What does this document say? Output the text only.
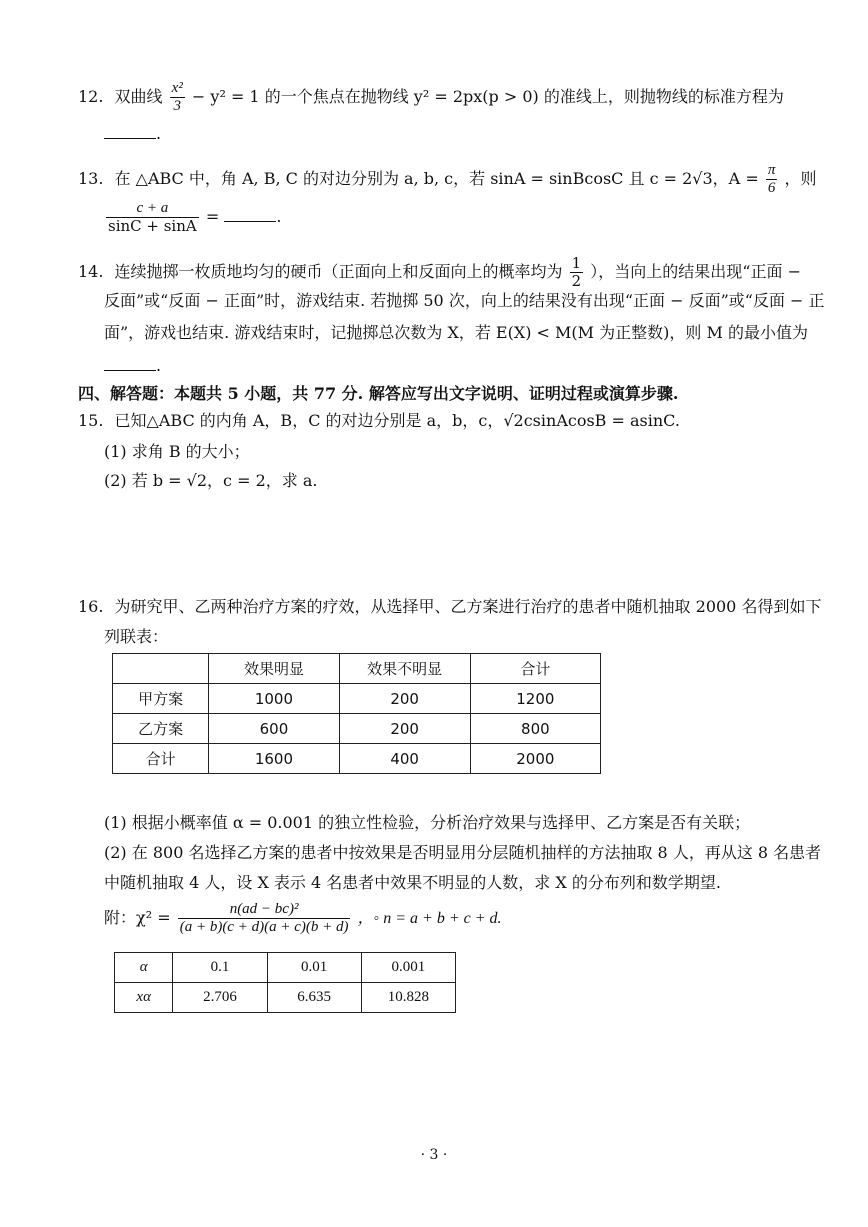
12. 双曲线 $\frac{\text{x²}}{3} - y^2 = 1$ 的一个焦点在抛物线 y² = 2px(p > 0) 的准线上，则抛物线的标准方程为
.
13. 在 △ABC 中，角 A, B, C 的对边分别为 a, b, c，若 sinA = sinBcosC 且 c = 2√3，$A = \frac{\pi}{6}$ ，则
$\frac{c + a}{\sin C + \sin A}$ =	.
14. 连续抛掷一枚质地均匀的硬币（正面向上和反面向上的概率均为 $\frac{1}{2}$ ），当向上的结果出现“正面 −
反面”或“反面 − 正面”时，游戏结束. 若抛掷 50 次，向上的结果没有出现“正面 − 反面”或“反面 − 正
面”，游戏也结束. 游戏结束时，记抛掷总次数为 X，若 E(X) < M(M 为正整数)，则 M 的最小值为
.
四、解答题：本题共 5 小题，共 77 分. 解答应写出文字说明、证明过程或演算步骤.
15. 已知△ABC 的内角 A，B，C 的对边分别是 a，b，c，√2csinAcosB = asinC.
(1) 求角 B 的大小；
(2) 若 b = √2，c = 2，求 a.
16. 为研究甲、乙两种治疗方案的疗效，从选择甲、乙方案进行治疗的患者中随机抽取 2000 名得到如下
列联表：
	效果明显	效果不明显	合计
甲方案	1000	200	1200
乙方案	600	200	800
合计	1600	400	2000
(1) 根据小概率值 α = 0.001 的独立性检验，分析治疗效果与选择甲、乙方案是否有关联；
(2) 在 800 名选择乙方案的患者中按效果是否明显用分层随机抽样的方法抽取 8 人，再从这 8 名患者
中随机抽取 4 人，设 X 表示 4 名患者中效果不明显的人数，求 X 的分布列和数学期望.
附：$\chi^2 = \frac{\text{n(ad − bc)²}}{(a + b)(c + d)(a + c)(b + d)}$ ，◦ n = a + b + c + d.
α	0.1	0.01	0.001
xα	2.706	6.635	10.828
· 3 ·
